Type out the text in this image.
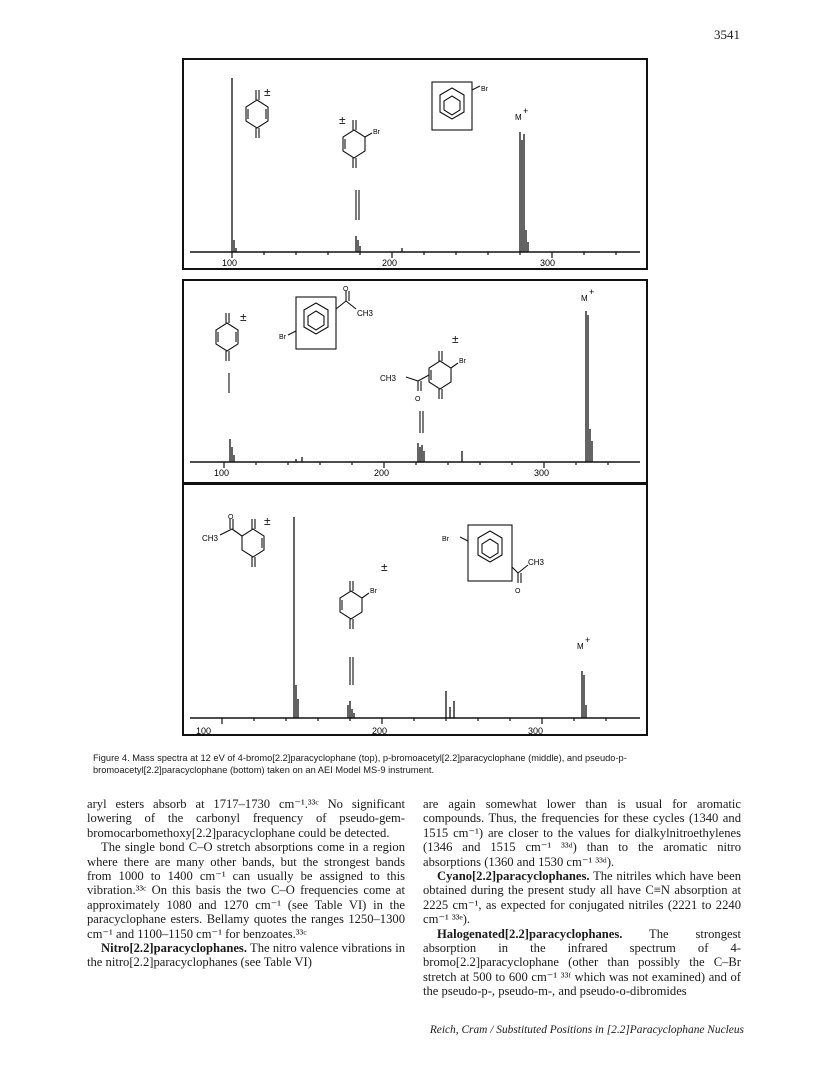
3541
100	200	300
±
±
Br
Br
M
+
100	200	300
±
Br
CH3
O
±
Br
CH3
O
M
+
100	200	300
±
CH3
O
±
Br
Br
CH3
O
M
+
Figure 4. Mass spectra at 12 eV of 4-bromo[2.2]paracyclophane (top), p-bromoacetyl[2.2]paracyclophane (middle), and pseudo-p-bromoacetyl[2.2]paracyclophane (bottom) taken on an AEI Model MS-9 instrument.

aryl esters absorb at 1717–1730 cm⁻¹.³³ᶜ No significant lowering of the carbonyl frequency of pseudo-gem-bromocarbomethoxy[2.2]paracyclophane could be detected.

The single bond C–O stretch absorptions come in a region where there are many other bands, but the strongest bands from 1000 to 1400 cm⁻¹ can usually be assigned to this vibration.³³ᶜ On this basis the two C–O frequencies come at approximately 1080 and 1270 cm⁻¹ (see Table VI) in the paracyclophane esters. Bellamy quotes the ranges 1250–1300 cm⁻¹ and 1100–1150 cm⁻¹ for benzoates.³³ᶜ

Nitro[2.2]paracyclophanes. The nitro valence vibrations in the nitro[2.2]paracyclophanes (see Table VI)

are again somewhat lower than is usual for aromatic compounds. Thus, the frequencies for these cycles (1340 and 1515 cm⁻¹) are closer to the values for dialkylnitroethylenes (1346 and 1515 cm⁻¹ ³³ᵈ) than to the aromatic nitro absorptions (1360 and 1530 cm⁻¹ ³³ᵈ).

Cyano[2.2]paracyclophanes. The nitriles which have been obtained during the present study all have C≡N absorption at 2225 cm⁻¹, as expected for conjugated nitriles (2221 to 2240 cm⁻¹ ³³ᵉ).

Halogenated[2.2]paracyclophanes. The strongest absorption in the infrared spectrum of 4-bromo[2.2]paracyclophane (other than possibly the C–Br stretch at 500 to 600 cm⁻¹ ³³ᶠ which was not examined) and of the pseudo-p-, pseudo-m-, and pseudo-o-dibromides

Reich, Cram / Substituted Positions in [2.2]Paracyclophane Nucleus
